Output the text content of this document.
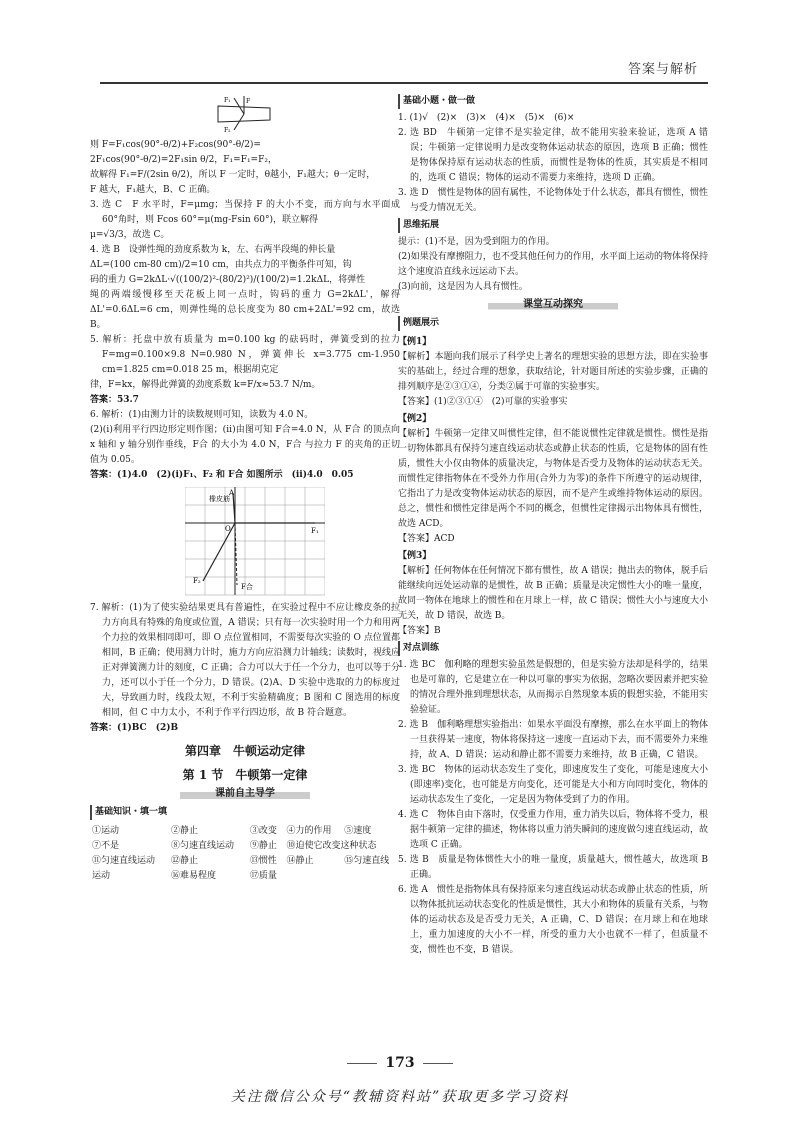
答案与解析
F₁	F
F₂

则 F=F₁cos(90°-θ/2)+F₂cos(90°-θ/2)=

2F₁cos(90°-θ/2)=2F₁sin θ/2，F₁=F₁=F₂，

故解得 F₁=F/(2sin θ/2)，所以 F 一定时，θ越小，F₁越大；θ一定时，

F 越大，F₁越大，B、C 正确。

3. 选 C　F 水平时，F=μmg；当保持 F 的大小不变，而方向与水平面成 60°角时，则 Fcos 60°=μ(mg-Fsin 60°)，联立解得

μ=√3/3，故选 C。

4. 选 B　设弹性绳的劲度系数为 k，左、右两半段绳的伸长量

ΔL=(100 cm-80 cm)/2=10 cm，由共点力的平衡条件可知，钩

码的重力 G=2kΔL·√((100/2)²-(80/2)²)/(100/2)=1.2kΔL，将弹性

绳的两端缓慢移至天花板上同一点时，钩码的重力 G=2kΔL'，解得 ΔL'=0.6ΔL=6 cm，则弹性绳的总长度变为 80 cm+2ΔL'=92 cm，故选 B。

5. 解析：托盘中放有质量为 m=0.100 kg 的砝码时，弹簧受到的拉力 F=mg=0.100×9.8 N=0.980 N，弹簧伸长 x=3.775 cm-1.950 cm=1.825 cm=0.018 25 m，根据胡克定

律，F=kx，解得此弹簧的劲度系数 k=F/x≈53.7 N/m。

答案：53.7

6. 解析：(1)由测力计的读数规则可知，读数为 4.0 N。

(2)(ⅰ)利用平行四边形定则作图；(ⅱ)由图可知 F合=4.0 N，从 F合 的顶点向 x 轴和 y 轴分别作垂线，F合 的大小为 4.0 N，F合 与拉力 F 的夹角的正切值为 0.05。

答案：(1)4.0　(2)(ⅰ)F₁、F₂ 和 F合 如图所示　(ⅱ)4.0　0.05

橡皮筋
A
O	F₁
F₂
F合

7. 解析：(1)为了使实验结果更具有普遍性，在实验过程中不应让橡皮条的拉力方向具有特殊的角度或位置，A 错误；只有每一次实验时用一个力和用两个力拉的效果相同即可，即 O 点位置相同，不需要每次实验的 O 点位置都相同，B 正确；使用测力计时，施力方向应沿测力计轴线；读数时，视线应正对弹簧测力计的刻度，C 正确；合力可以大于任一个分力，也可以等于分力，还可以小于任一个分力，D 错误。(2)A、D 实验中选取的力的标度过大，导致画力时，线段太短，不利于实验精确度；B 图和 C 图选用的标度相同，但 C 中力太小，不利于作平行四边形，故 B 符合题意。

答案：(1)BC　(2)B

第四章　牛顿运动定律
第 1 节　牛顿第一定律
课前自主导学
基础知识・填一填
①运动	②静止	③改变	④力的作用	⑤速度
⑦不是	⑧匀速直线运动	⑨静止	⑩迫使它改变这种状态	
⑪匀速直线运动	⑫静止	⑬惯性	⑭静止	⑮匀速直线
运动	⑯难易程度	⑰质量		
基础小题・做一做

1. (1)√　(2)×　(3)×　(4)×　(5)×　(6)×

2. 选 BD　牛顿第一定律不是实验定律，故不能用实验来验证，选项 A 错误；牛顿第一定律说明力是改变物体运动状态的原因，选项 B 正确；惯性是物体保持原有运动状态的性质，而惯性是物体的性质，其实质是不相同的，选项 C 错误；物体的运动不需要力来维持，选项 D 正确。

3. 选 D　惯性是物体的固有属性，不论物体处于什么状态，都具有惯性，惯性与受力情况无关。

思维拓展

提示：(1)不是，因为受到阻力的作用。

(2)如果没有摩擦阻力，也不受其他任何力的作用，水平面上运动的物体将保持这个速度沿直线永远运动下去。

(3)向前，这是因为人具有惯性。

课堂互动探究
例题展示
【例1】

【解析】本题向我们展示了科学史上著名的理想实验的思想方法，即在实验事实的基础上，经过合理的想象，获取结论，针对题目所述的实验步骤，正确的排列顺序是②③①④，分类②属于可靠的实验事实。

【答案】(1)②③①④　(2)可靠的实验事实

【例2】

【解析】牛顿第一定律又叫惯性定律，但不能说惯性定律就是惯性。惯性是指一切物体都具有保持匀速直线运动状态或静止状态的性质，它是物体的固有性质，惯性大小仅由物体的质量决定，与物体是否受力及物体的运动状态无关。而惯性定律指物体在不受外力作用(合外力为零)的条件下所遵守的运动规律，它指出了力是改变物体运动状态的原因，而不是产生或维持物体运动的原因。总之，惯性和惯性定律是两个不同的概念，但惯性定律揭示出物体具有惯性，故选 ACD。

【答案】ACD

【例3】

【解析】任何物体在任何情况下都有惯性，故 A 错误；抛出去的物体，脱手后能继续向远处运动靠的是惯性，故 B 正确；质量是决定惯性大小的唯一量度，故同一物体在地球上的惯性和在月球上一样，故 C 错误；惯性大小与速度大小无关，故 D 错误，故选 B。

【答案】B

对点训练

1. 选 BC　伽利略的理想实验虽然是假想的，但是实验方法却是科学的，结果也是可靠的，它是建立在一种以可靠的事实为依据，忽略次要因素并把实验的情况合理外推到理想状态，从而揭示自然现象本质的假想实验，不能用实验验证。

2. 选 B　伽利略理想实验指出：如果水平面没有摩擦，那么在水平面上的物体一旦获得某一速度，物体将保持这一速度一直运动下去，而不需要外力来维持，故 A、D 错误；运动和静止都不需要力来维持，故 B 正确，C 错误。

3. 选 BC　物体的运动状态发生了变化，即速度发生了变化，可能是速度大小(即速率)变化，也可能是方向变化，还可能是大小和方向同时变化，物体的运动状态发生了变化，一定是因为物体受到了力的作用。

4. 选 C　物体自由下落时，仅受重力作用，重力消失以后，物体将不受力，根据牛顿第一定律的描述，物体将以重力消失瞬间的速度做匀速直线运动，故选项 C 正确。

5. 选 B　质量是物体惯性大小的唯一量度，质量越大，惯性越大，故选项 B 正确。

6. 选 A　惯性是指物体具有保持原来匀速直线运动状态或静止状态的性质，所以物体抵抗运动状态变化的性质是惯性，其大小和物体的质量有关系，与物体的运动状态及是否受力无关，A 正确，C、D 错误；在月球上和在地球上，重力加速度的大小不一样，所受的重力大小也就不一样了，但质量不变，惯性也不变，B 错误。

173
关注微信公众号“教辅资料站”获取更多学习资料
